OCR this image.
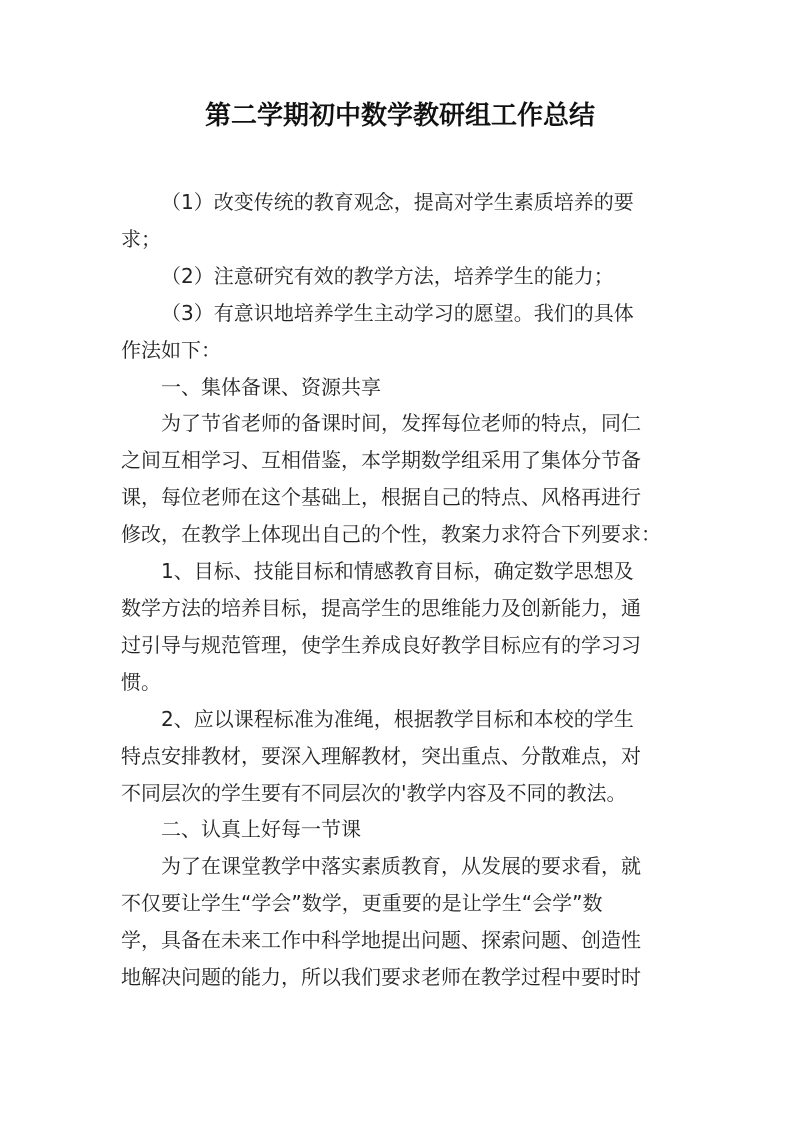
第二学期初中数学教研组工作总结

（1）改变传统的教育观念，提高对学生素质培养的要
求；

（2）注意研究有效的教学方法，培养学生的能力；

（3）有意识地培养学生主动学习的愿望。我们的具体
作法如下：

一、集体备课、资源共享

为了节省老师的备课时间，发挥每位老师的特点，同仁
之间互相学习、互相借鉴，本学期数学组采用了集体分节备
课，每位老师在这个基础上，根据自己的特点、风格再进行
修改，在教学上体现出自己的个性，教案力求符合下列要求：

1、目标、技能目标和情感教育目标，确定数学思想及
数学方法的培养目标，提高学生的思维能力及创新能力，通
过引导与规范管理，使学生养成良好教学目标应有的学习习
惯。

2、应以课程标准为准绳，根据教学目标和本校的学生
特点安排教材，要深入理解教材，突出重点、分散难点，对
不同层次的学生要有不同层次的'教学内容及不同的教法。

二、认真上好每一节课

为了在课堂教学中落实素质教育，从发展的要求看，就
不仅要让学生“学会”数学，更重要的是让学生“会学”数
学，具备在未来工作中科学地提出问题、探索问题、创造性
地解决问题的能力，所以我们要求老师在教学过程中要时时
